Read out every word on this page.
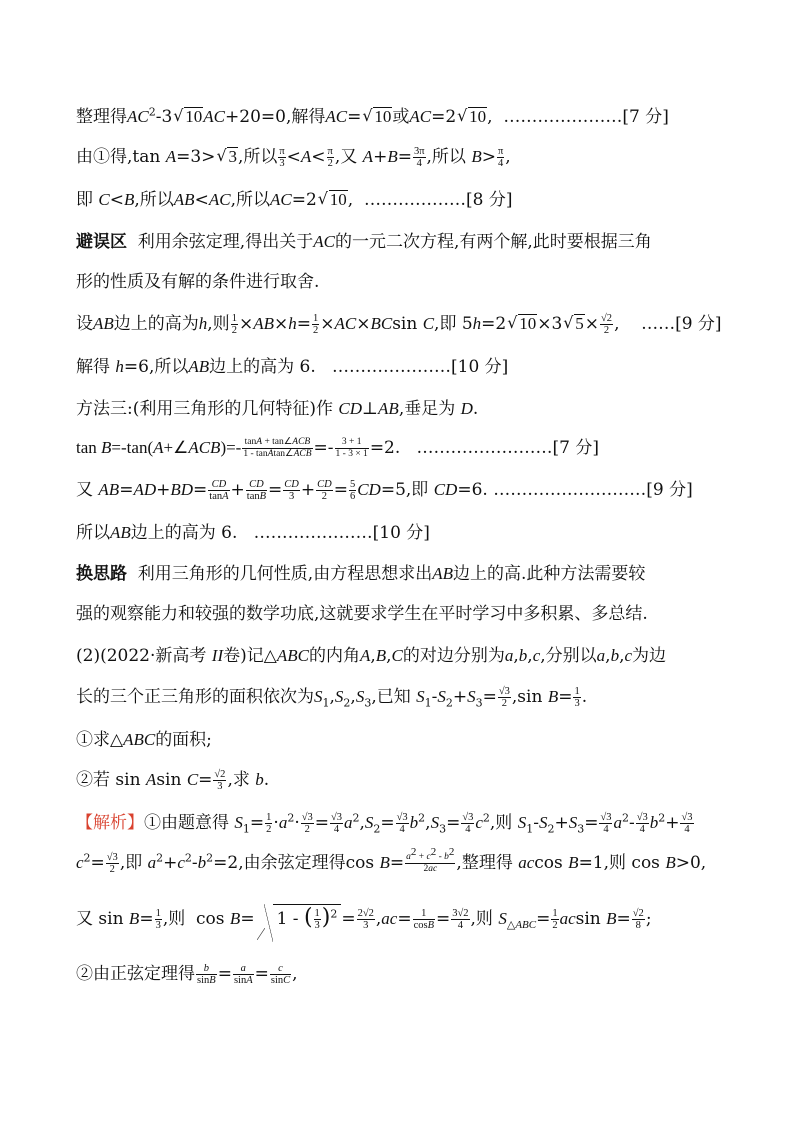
整理得$AC^2-3√$ 10AC+20=0,解得AC=√ 10或AC=2√ 10,  …………………[7 分]
由①得,tan A=3>√ 3,所以 $\frac{\pi}{3} <A< \frac{\pi}{2}$ ,又 $A+B= \frac{3\pi}{4}$ ,所以 $B> \frac{\pi}{4}$ ,
即 C<B,所以AB<AC,所以AC=2√ 10,  ………………[8 分]
避误区  利用余弦定理,得出关于AC的一元二次方程,有两个解,此时要根据三角
形的性质及有解的条件进行取舍.
设AB边上的高为h,则 $\frac{1}{2} \times AB\times h= \frac{1}{2} \times AC\times BCsin$ C,即 5h=2√ 10×3√ $5\times \frac{√2}{2}$ ,    ……[9 分]
解得 h=6,所以AB边上的高为 6.   …………………[10 分]
方法三:(利用三角形的几何特征)作 CD⊥AB,垂足为 D.
tan B=-tan(A+∠ACB)=- tanA + tan∠ACB
1 - tanAtan∠ACB =- $\frac{3 + 1}{1 - 3 \times 1} =2$.   ……………………[7 分]
又 $AB=AD+BD= \frac{CD}{\tan A} + \frac{CD}{\tan B} = \frac{CD}{3} + \frac{CD}{2} = \frac{5}{6} CD=5$,即 CD=6. ………………………[9 分]
所以AB边上的高为 6.   …………………[10 分]
换思路  利用三角形的几何性质,由方程思想求出AB边上的高.此种方法需要较
强的观察能力和较强的数学功底,这就要求学生在平时学习中多积累、多总结.
(2)(2022·新高考 II卷)记△ABC的内角A,B,C的对边分别为a,b,c,分别以a,b,c为边
长的三个正三角形的面积依次为$S_1,S_2,S_3$,已知 $S_1-S_2+S_3= \frac{√3}{2} ,\sin$ $B= \frac{1}{3}$ .
①求△ABC的面积;
②若 sin Asin $C= \frac{√2}{3}$ ,求 b.
【解析】①由题意得 $S_1= \frac{1}{2} \cdot a^2\cdot \frac{√3}{2} = \frac{√3}{4} a^2,S_2= \frac{√3}{4} b^2,S_3= \frac{√3}{4} c^2$,则 $S_1-S_2+S_3= \frac{√3}{4} a^2- \frac{√3}{4} b^2+ \frac{√3}{4}$
$c^2= \frac{√3}{2}$ ,即 $a^2+c^2-b^2=2$,由余弦定理得$\cos B= \frac{a^2 + c^2 - b^2}{2ac}$ ,整理得 accos B=1,则 cos B>0,
又 $\sin B= \frac{1}{3}$ ,则  cos B= 1 - ( $\frac{1}{3} )^2 = \frac{2√2}{3} ,ac= \frac{1}{\cos B} = \frac{3√2}{4}$ ,则 $S_{\triangle ABC}= \frac{1}{2}$ acsin $B= \frac{√2}{8}$ ;
②由正弦定理得 $\frac{b}{\sin B} = \frac{a}{\sin A} = \frac{c}{\sin C}$ ,
